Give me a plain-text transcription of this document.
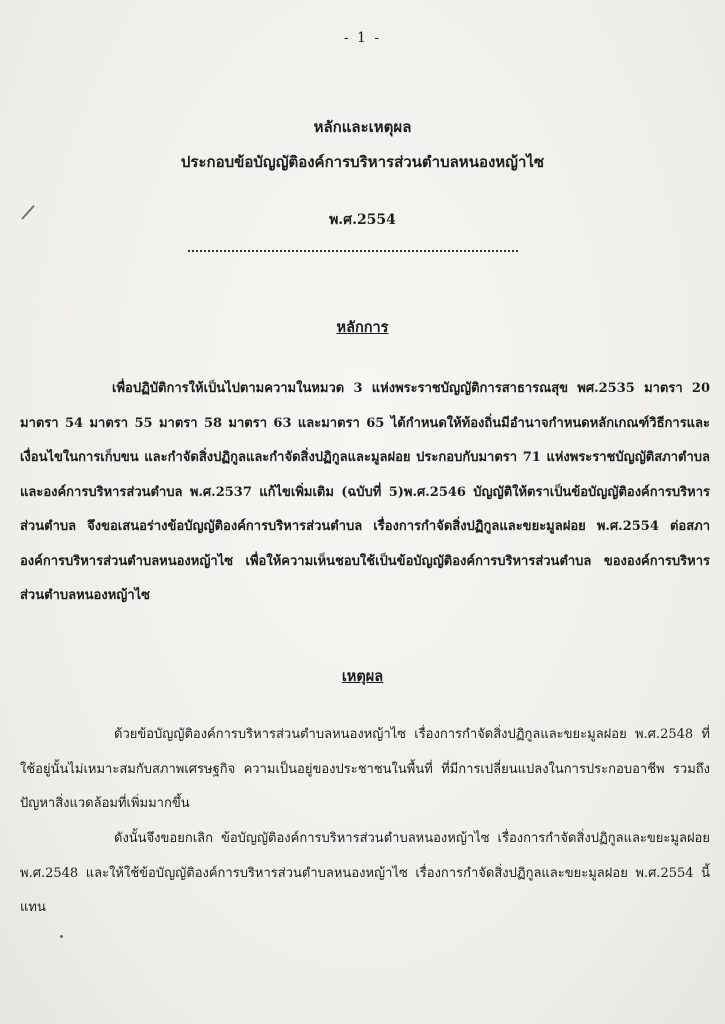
- 1 -
หลักและเหตุผล
ประกอบข้อบัญญัติองค์การบริหารส่วนตำบลหนองหญ้าไซ
พ.ศ.2554
หลักการ
เพื่อปฏิบัติการให้เป็นไปตามความในหมวด 3 แห่งพระราชบัญญัติการสาธารณสุข พศ.2535 มาตรา 20 มาตรา 54 มาตรา 55 มาตรา 58 มาตรา 63 และมาตรา 65 ได้กำหนดให้ท้องถิ่นมีอำนาจกำหนดหลักเกณฑ์วิธีการและ เงื่อนไขในการเก็บขน และกำจัดสิ่งปฏิกูลและกำจัดสิ่งปฏิกูลและมูลฝอย ประกอบกับมาตรา 71 แห่งพระราชบัญญัติสภาตำบลและองค์การบริหารส่วนตำบล พ.ศ.2537 แก้ไขเพิ่มเติม (ฉบับที่ 5)พ.ศ.2546 บัญญัติให้ตราเป็นข้อบัญญัติองค์การบริหารส่วนตำบล จึงขอเสนอร่างข้อบัญญัติองค์การบริหารส่วนตำบล เรื่องการกำจัดสิ่งปฏิกูลและขยะมูลฝอย พ.ศ.2554 ต่อสภาองค์การบริหารส่วนตำบลหนองหญ้าไซ เพื่อให้ความเห็นชอบใช้เป็นข้อบัญญัติองค์การบริหารส่วนตำบล ขององค์การบริหารส่วนตำบลหนองหญ้าไซ
เหตุผล
ด้วยข้อบัญญัติองค์การบริหารส่วนตำบลหนองหญ้าไซ เรื่องการกำจัดสิ่งปฏิกูลและขยะมูลฝอย พ.ศ.2548 ที่ใช้อยู่นั้นไม่เหมาะสมกับสภาพเศรษฐกิจ ความเป็นอยู่ของประชาชนในพื้นที่ ที่มีการเปลี่ยนแปลงในการประกอบอาชีพ รวมถึงปัญหาสิ่งแวดล้อมที่เพิ่มมากขึ้น
ดังนั้นจึงขอยกเลิก ข้อบัญญัติองค์การบริหารส่วนตำบลหนองหญ้าไซ เรื่องการกำจัดสิ่งปฏิกูลและขยะมูลฝอย พ.ศ.2548 และให้ใช้ข้อบัญญัติองค์การบริหารส่วนตำบลหนองหญ้าไซ เรื่องการกำจัดสิ่งปฏิกูลและขยะมูลฝอย พ.ศ.2554 นี้แทน
